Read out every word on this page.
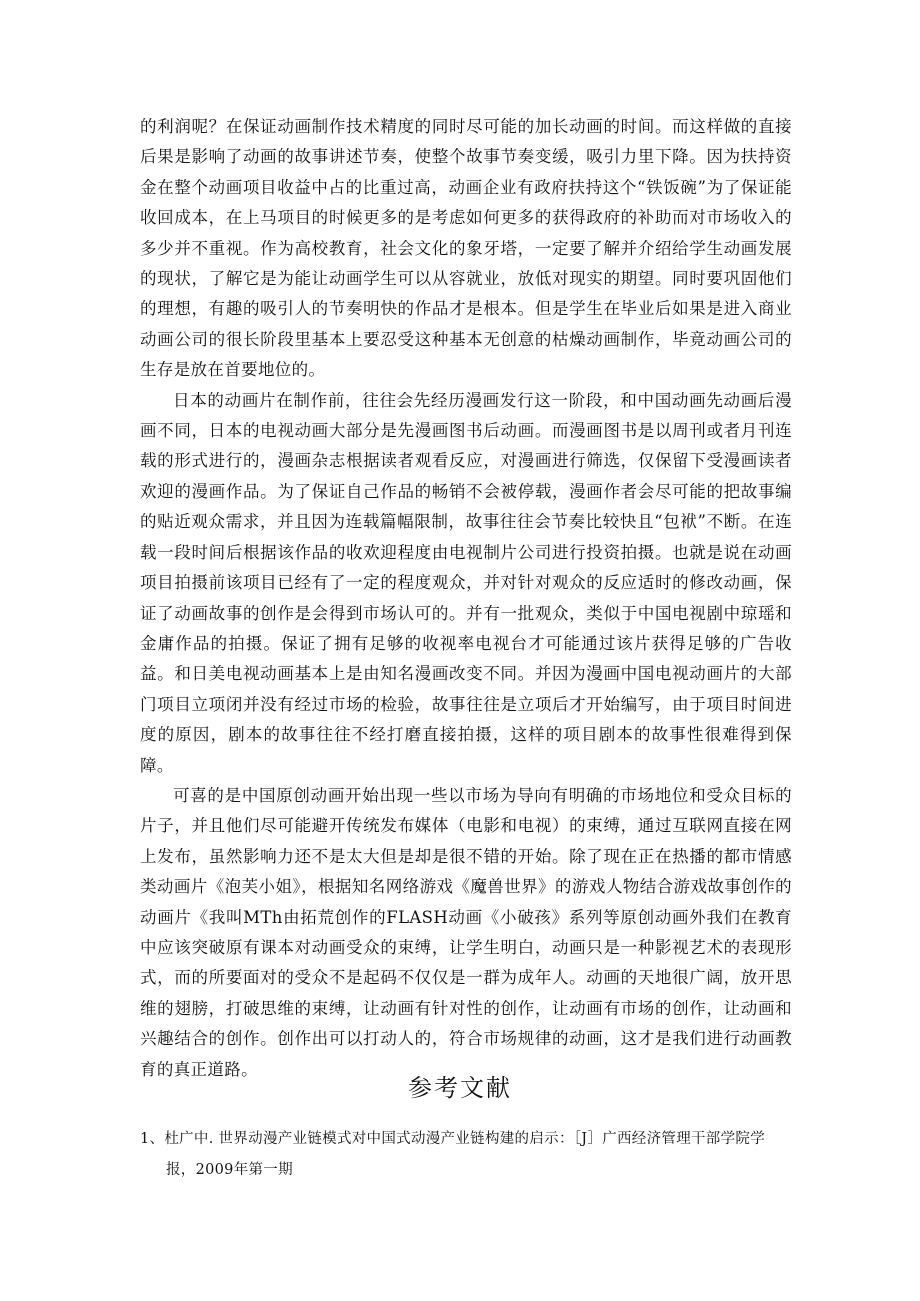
的利润呢？在保证动画制作技术精度的同时尽可能的加长动画的时间。而这样做的直接后果是影响了动画的故事讲述节奏，使整个故事节奏变缓，吸引力里下降。因为扶持资金在整个动画项目收益中占的比重过高，动画企业有政府扶持这个“铁饭碗”为了保证能收回成本，在上马项目的时候更多的是考虑如何更多的获得政府的补助而对市场收入的多少并不重视。作为高校教育，社会文化的象牙塔，一定要了解并介绍给学生动画发展的现状，了解它是为能让动画学生可以从容就业，放低对现实的期望。同时要巩固他们的理想，有趣的吸引人的节奏明快的作品才是根本。但是学生在毕业后如果是进入商业动画公司的很长阶段里基本上要忍受这种基本无创意的枯燥动画制作，毕竟动画公司的生存是放在首要地位的。

日本的动画片在制作前，往往会先经历漫画发行这一阶段，和中国动画先动画后漫画不同，日本的电视动画大部分是先漫画图书后动画。而漫画图书是以周刊或者月刊连载的形式进行的，漫画杂志根据读者观看反应，对漫画进行筛选，仅保留下受漫画读者欢迎的漫画作品。为了保证自己作品的畅销不会被停载，漫画作者会尽可能的把故事编的贴近观众需求，并且因为连载篇幅限制，故事往往会节奏比较快且“包袱”不断。在连载一段时间后根据该作品的收欢迎程度由电视制片公司进行投资拍摄。也就是说在动画项目拍摄前该项目已经有了一定的程度观众，并对针对观众的反应适时的修改动画，保证了动画故事的创作是会得到市场认可的。并有一批观众，类似于中国电视剧中琼瑶和金庸作品的拍摄。保证了拥有足够的收视率电视台才可能通过该片获得足够的广告收益。和日美电视动画基本上是由知名漫画改变不同。并因为漫画中国电视动画片的大部门项目立项闭并没有经过市场的检验，故事往往是立项后才开始编写，由于项目时间进度的原因，剧本的故事往往不经打磨直接拍摄，这样的项目剧本的故事性很难得到保障。

可喜的是中国原创动画开始出现一些以市场为导向有明确的市场地位和受众目标的片子，并且他们尽可能避开传统发布媒体（电影和电视）的束缚，通过互联网直接在网上发布，虽然影响力还不是太大但是却是很不错的开始。除了现在正在热播的都市情感类动画片《泡芙小姐》，根据知名网络游戏《魔兽世界》的游戏人物结合游戏故事创作的动画片《我叫MTh由拓荒创作的FLASH动画《小破孩》系列等原创动画外我们在教育中应该突破原有课本对动画受众的束缚，让学生明白，动画只是一种影视艺术的表现形式，而的所要面对的受众不是起码不仅仅是一群为成年人。动画的天地很广阔，放开思维的翅膀，打破思维的束缚，让动画有针对性的创作，让动画有市场的创作，让动画和兴趣结合的创作。创作出可以打动人的，符合市场规律的动画，这才是我们进行动画教育的真正道路。

参考文献
1、杜广中. 世界动漫产业链模式对中国式动漫产业链构建的启示：［J］广西经济管理干部学院学报，2009年第一期
